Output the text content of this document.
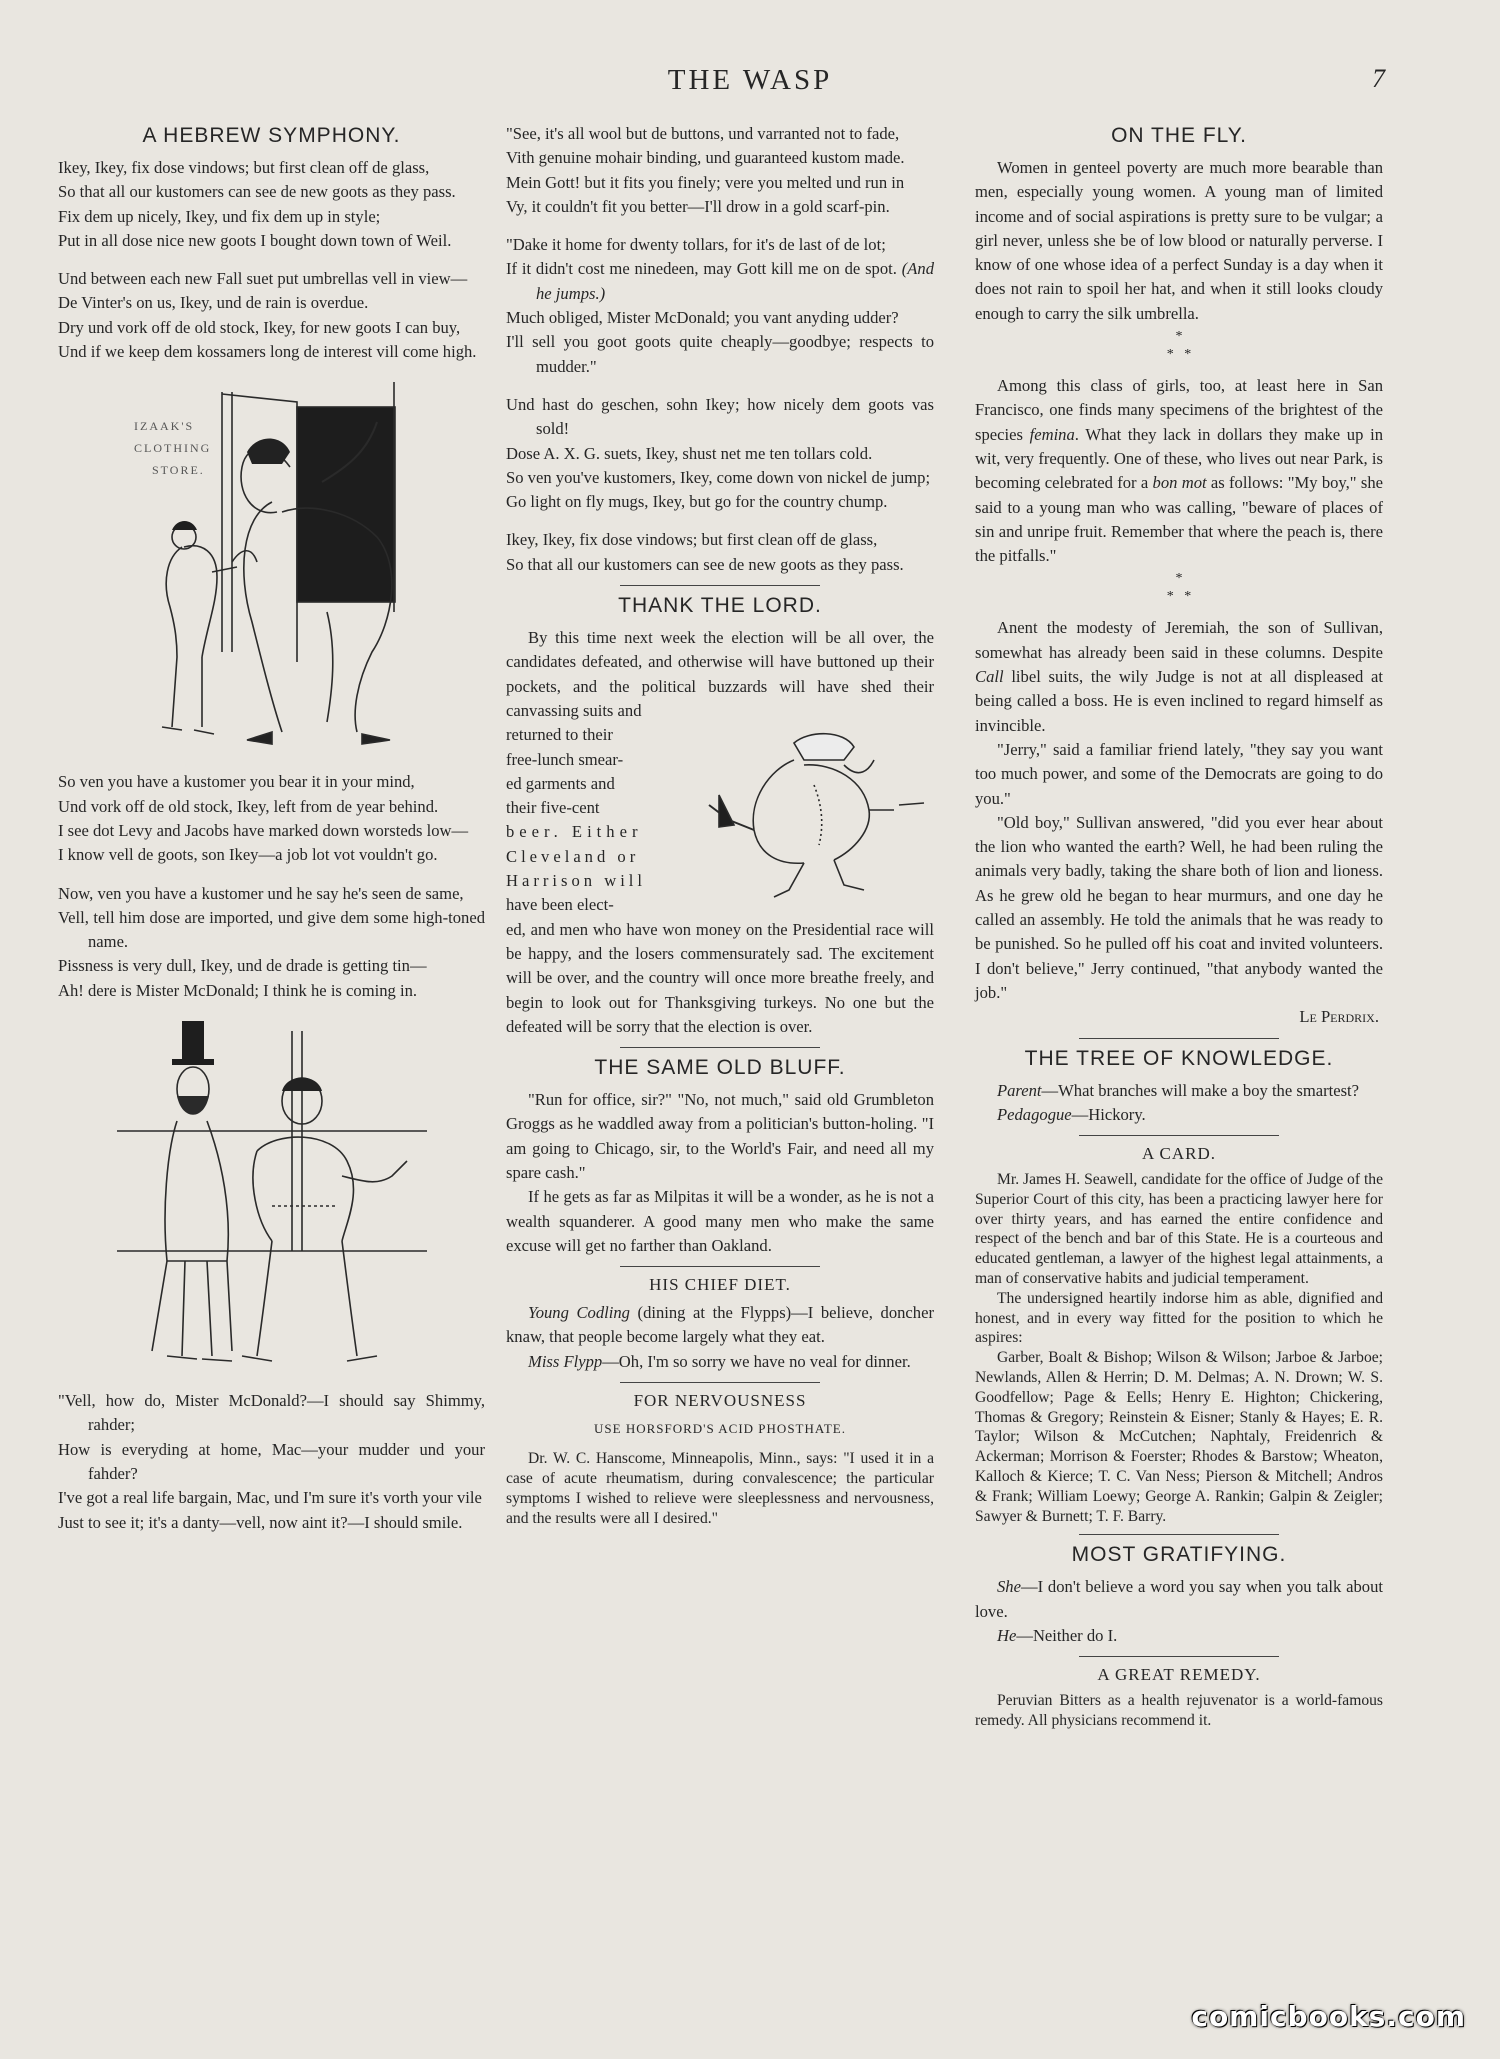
THE WASP	7
A HEBREW SYMPHONY.

Ikey, Ikey, fix dose vindows; but first clean off de glass,

So that all our kustomers can see de new goots as they pass.

Fix dem up nicely, Ikey, und fix dem up in style;

Put in all dose nice new goots I bought down town of Weil.

Und between each new Fall suet put umbrellas vell in view—

De Vinter's on us, Ikey, und de rain is overdue.

Dry und vork off de old stock, Ikey, for new goots I can buy,

Und if we keep dem kossamers long de interest vill come high.

IZAAK'S
CLOTHING
STORE.

So ven you have a kustomer you bear it in your mind,

Und vork off de old stock, Ikey, left from de year behind.

I see dot Levy and Jacobs have marked down worsteds low—

I know vell de goots, son Ikey—a job lot vot vouldn't go.

Now, ven you have a kustomer und he say he's seen de same,

Vell, tell him dose are imported, und give dem some high-toned name.

Pissness is very dull, Ikey, und de drade is getting tin—

Ah! dere is Mister McDonald; I think he is coming in.

"Vell, how do, Mister McDonald?—I should say Shimmy, rahder;

How is everyding at home, Mac—your mudder und your fahder?

I've got a real life bargain, Mac, und I'm sure it's vorth your vile

Just to see it; it's a danty—vell, now aint it?—I should smile.

"See, it's all wool but de buttons, und varranted not to fade,

Vith genuine mohair binding, und guaranteed kustom made.

Mein Gott! but it fits you finely; vere you melted und run in

Vy, it couldn't fit you better—I'll drow in a gold scarf-pin.

"Dake it home for dwenty tollars, for it's de last of de lot;

If it didn't cost me ninedeen, may Gott kill me on de spot. (And he jumps.)

Much obliged, Mister McDonald; you vant anyding udder?

I'll sell you goot goots quite cheaply—goodbye; respects to mudder."

Und hast do geschen, sohn Ikey; how nicely dem goots vas sold!

Dose A. X. G. suets, Ikey, shust net me ten tollars cold.

So ven you've kustomers, Ikey, come down von nickel de jump;

Go light on fly mugs, Ikey, but go for the country chump.

Ikey, Ikey, fix dose vindows; but first clean off de glass,

So that all our kustomers can see de new goots as they pass.

THANK THE LORD.

By this time next week the election will be all over, the candidates defeated, and otherwise will have buttoned up their pockets, and the political buzzards will have shed their canvassing suits and

returned to their
free-lunch smear-
ed garments and
their five-cent
beer. Either
Cleveland or
Harrison will
have been elect-
ed, and men who have won money on the Presidential race will be happy, and the losers commensurately sad. The excitement will be over, and the country will once more breathe freely, and begin to look out for Thanksgiving turkeys. No one but the defeated will be sorry that the election is over.
THE SAME OLD BLUFF.

"Run for office, sir?" "No, not much," said old Grumbleton Groggs as he waddled away from a politician's button-holing. "I am going to Chicago, sir, to the World's Fair, and need all my spare cash."

If he gets as far as Milpitas it will be a wonder, as he is not a wealth squanderer. A good many men who make the same excuse will get no farther than Oakland.

HIS CHIEF DIET.

Young Codling (dining at the Flypps)—I believe, doncher knaw, that people become largely what they eat.

Miss Flypp—Oh, I'm so sorry we have no veal for dinner.

FOR NERVOUSNESS
USE HORSFORD'S ACID PHOSTHATE.

Dr. W. C. Hanscome, Minneapolis, Minn., says: "I used it in a case of acute rheumatism, during convalescence; the particular symptoms I wished to relieve were sleeplessness and nervousness, and the results were all I desired."

ON THE FLY.

Women in genteel poverty are much more bearable than men, especially young women. A young man of limited income and of social aspirations is pretty sure to be vulgar; a girl never, unless she be of low blood or naturally perverse. I know of one whose idea of a perfect Sunday is a day when it does not rain to spoil her hat, and when it still looks cloudy enough to carry the silk umbrella.

*
*   *

Among this class of girls, too, at least here in San Francisco, one finds many specimens of the brightest of the species femina. What they lack in dollars they make up in wit, very frequently. One of these, who lives out near Park, is becoming celebrated for a bon mot as follows: "My boy," she said to a young man who was calling, "beware of places of sin and unripe fruit. Remember that where the peach is, there the pitfalls."

*
*   *

Anent the modesty of Jeremiah, the son of Sullivan, somewhat has already been said in these columns. Despite Call libel suits, the wily Judge is not at all displeased at being called a boss. He is even inclined to regard himself as invincible.

"Jerry," said a familiar friend lately, "they say you want too much power, and some of the Democrats are going to do you."

"Old boy," Sullivan answered, "did you ever hear about the lion who wanted the earth? Well, he had been ruling the animals very badly, taking the share both of lion and lioness. As he grew old he began to hear murmurs, and one day he called an assembly. He told the animals that he was ready to be punished. So he pulled off his coat and invited volunteers. I don't believe," Jerry continued, "that anybody wanted the job."

Le Perdrix.

THE TREE OF KNOWLEDGE.

Parent—What branches will make a boy the smartest?

Pedagogue—Hickory.

A CARD.

Mr. James H. Seawell, candidate for the office of Judge of the Superior Court of this city, has been a practicing lawyer here for over thirty years, and has earned the entire confidence and respect of the bench and bar of this State. He is a courteous and educated gentleman, a lawyer of the highest legal attainments, a man of conservative habits and judicial temperament.

The undersigned heartily indorse him as able, dignified and honest, and in every way fitted for the position to which he aspires:

Garber, Boalt & Bishop; Wilson & Wilson; Jarboe & Jarboe; Newlands, Allen & Herrin; D. M. Delmas; A. N. Drown; W. S. Goodfellow; Page & Eells; Henry E. Highton; Chickering, Thomas & Gregory; Reinstein & Eisner; Stanly & Hayes; E. R. Taylor; Wilson & McCutchen; Naphtaly, Freidenrich & Ackerman; Morrison & Foerster; Rhodes & Barstow; Wheaton, Kalloch & Kierce; T. C. Van Ness; Pierson & Mitchell; Andros & Frank; William Loewy; George A. Rankin; Galpin & Zeigler; Sawyer & Burnett; T. F. Barry.

MOST GRATIFYING.

She—I don't believe a word you say when you talk about love.

He—Neither do I.

A GREAT REMEDY.

Peruvian Bitters as a health rejuvenator is a world-famous remedy. All physicians recommend it.

comicbooks.com
